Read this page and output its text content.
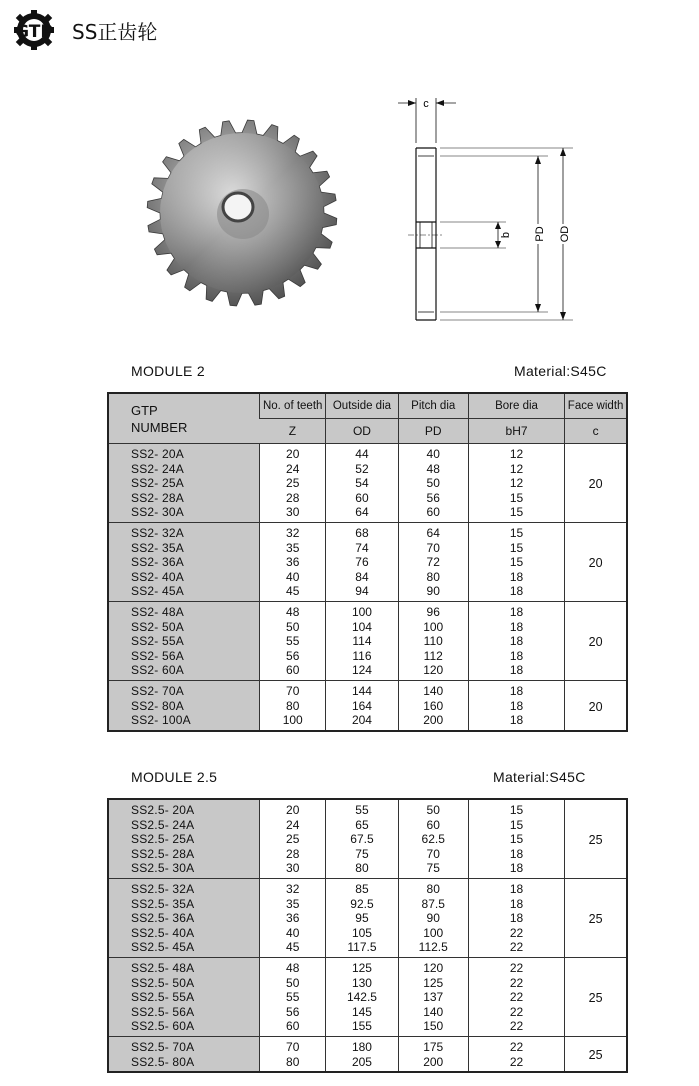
GTP SS正齿轮
c
b PD OD
MODULE 2	Material:S45C
GTP
NUMBER	No. of teeth	Outside dia	Pitch dia	Bore dia	Face width
	Z	OD	PD	bH7	c
SS2- 20A	20	44	40	12	20
SS2- 24A	24	52	48	12	
SS2- 25A	25	54	50	12	
SS2- 28A	28	60	56	15	
SS2- 30A	30	64	60	15	
SS2- 32A	32	68	64	15	20
SS2- 35A	35	74	70	15	
SS2- 36A	36	76	72	15	
SS2- 40A	40	84	80	18	
SS2- 45A	45	94	90	18	
SS2- 48A	48	100	96	18	20
SS2- 50A	50	104	100	18	
SS2- 55A	55	114	110	18	
SS2- 56A	56	116	112	18	
SS2- 60A	60	124	120	18	
SS2- 70A	70	144	140	18	20
SS2- 80A	80	164	160	18	
SS2- 100A	100	204	200	18	
MODULE 2.5	Material:S45C
SS2.5- 20A	20	55	50	15	25
SS2.5- 24A	24	65	60	15	
SS2.5- 25A	25	67.5	62.5	15	
SS2.5- 28A	28	75	70	18	
SS2.5- 30A	30	80	75	18	
SS2.5- 32A	32	85	80	18	25
SS2.5- 35A	35	92.5	87.5	18	
SS2.5- 36A	36	95	90	18	
SS2.5- 40A	40	105	100	22	
SS2.5- 45A	45	117.5	112.5	22	
SS2.5- 48A	48	125	120	22	25
SS2.5- 50A	50	130	125	22	
SS2.5- 55A	55	142.5	137	22	
SS2.5- 56A	56	145	140	22	
SS2.5- 60A	60	155	150	22	
SS2.5- 70A	70	180	175	22	25
SS2.5- 80A	80	205	200	22	
